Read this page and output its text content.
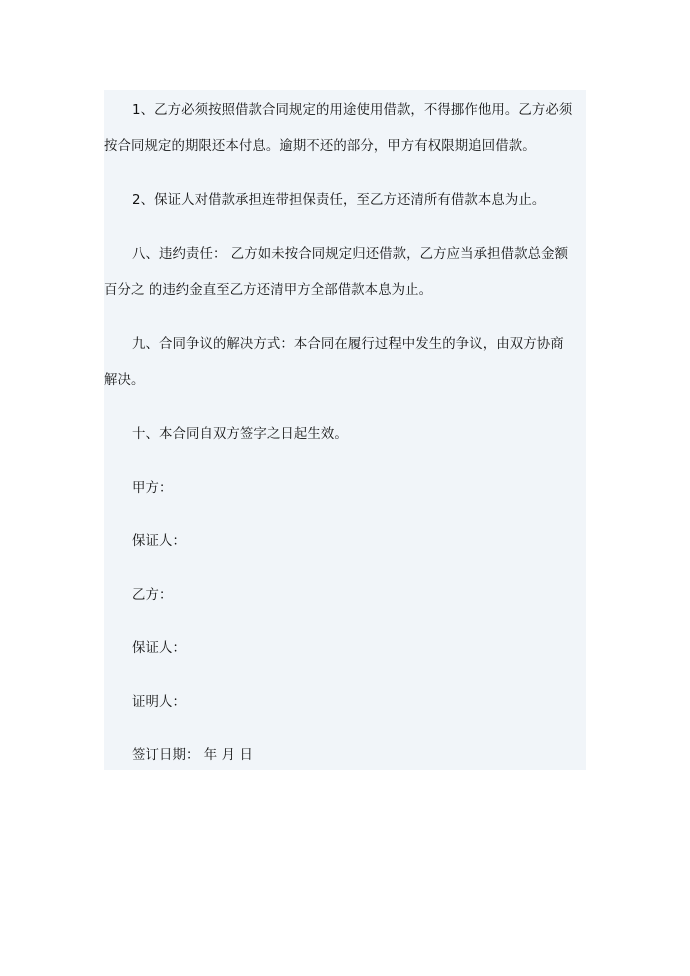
1、乙方必须按照借款合同规定的用途使用借款，不得挪作他用。乙方必须
按合同规定的期限还本付息。逾期不还的部分，甲方有权限期追回借款。
2、保证人对借款承担连带担保责任，至乙方还清所有借款本息为止。
八、违约责任： 乙方如未按合同规定归还借款，乙方应当承担借款总金额
百分之 的违约金直至乙方还清甲方全部借款本息为止。
九、合同争议的解决方式：本合同在履行过程中发生的争议，由双方协商
解决。
十、本合同自双方签字之日起生效。
甲方：
保证人：
乙方：
保证人：
证明人：
签订日期： 年 月 日
